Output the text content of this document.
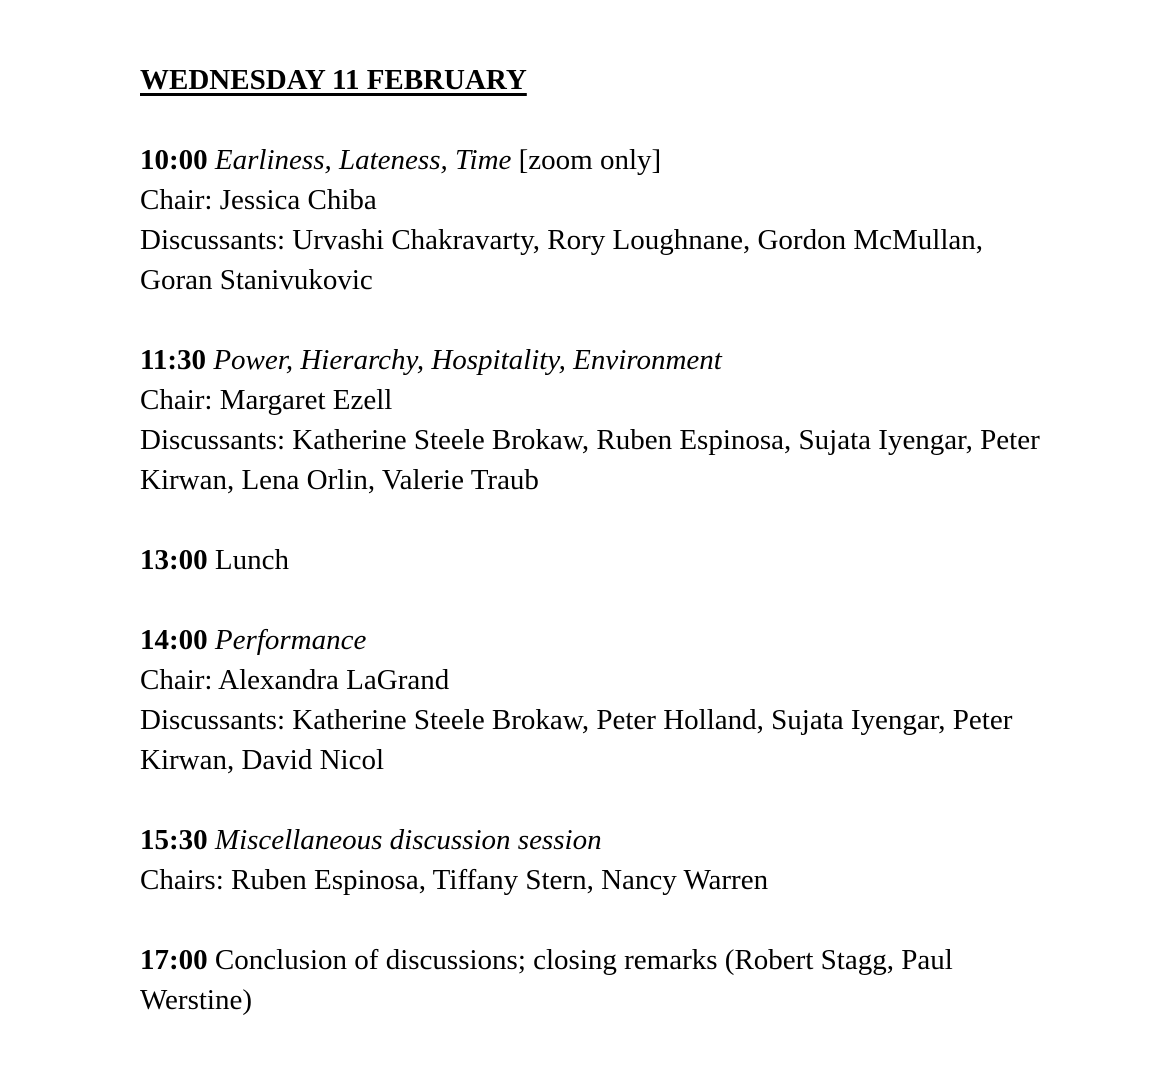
WEDNESDAY 11 FEBRUARY

10:00 Earliness, Lateness, Time [zoom only]
Chair: Jessica Chiba
Discussants: Urvashi Chakravarty, Rory Loughnane, Gordon McMullan, Goran Stanivukovic
11:30 Power, Hierarchy, Hospitality, Environment
Chair: Margaret Ezell
Discussants: Katherine Steele Brokaw, Ruben Espinosa, Sujata Iyengar, Peter Kirwan, Lena Orlin, Valerie Traub
13:00 Lunch
14:00 Performance
Chair: Alexandra LaGrand
Discussants: Katherine Steele Brokaw, Peter Holland, Sujata Iyengar, Peter Kirwan, David Nicol
15:30 Miscellaneous discussion session
Chairs: Ruben Espinosa, Tiffany Stern, Nancy Warren
17:00 Conclusion of discussions; closing remarks (Robert Stagg, Paul Werstine)
